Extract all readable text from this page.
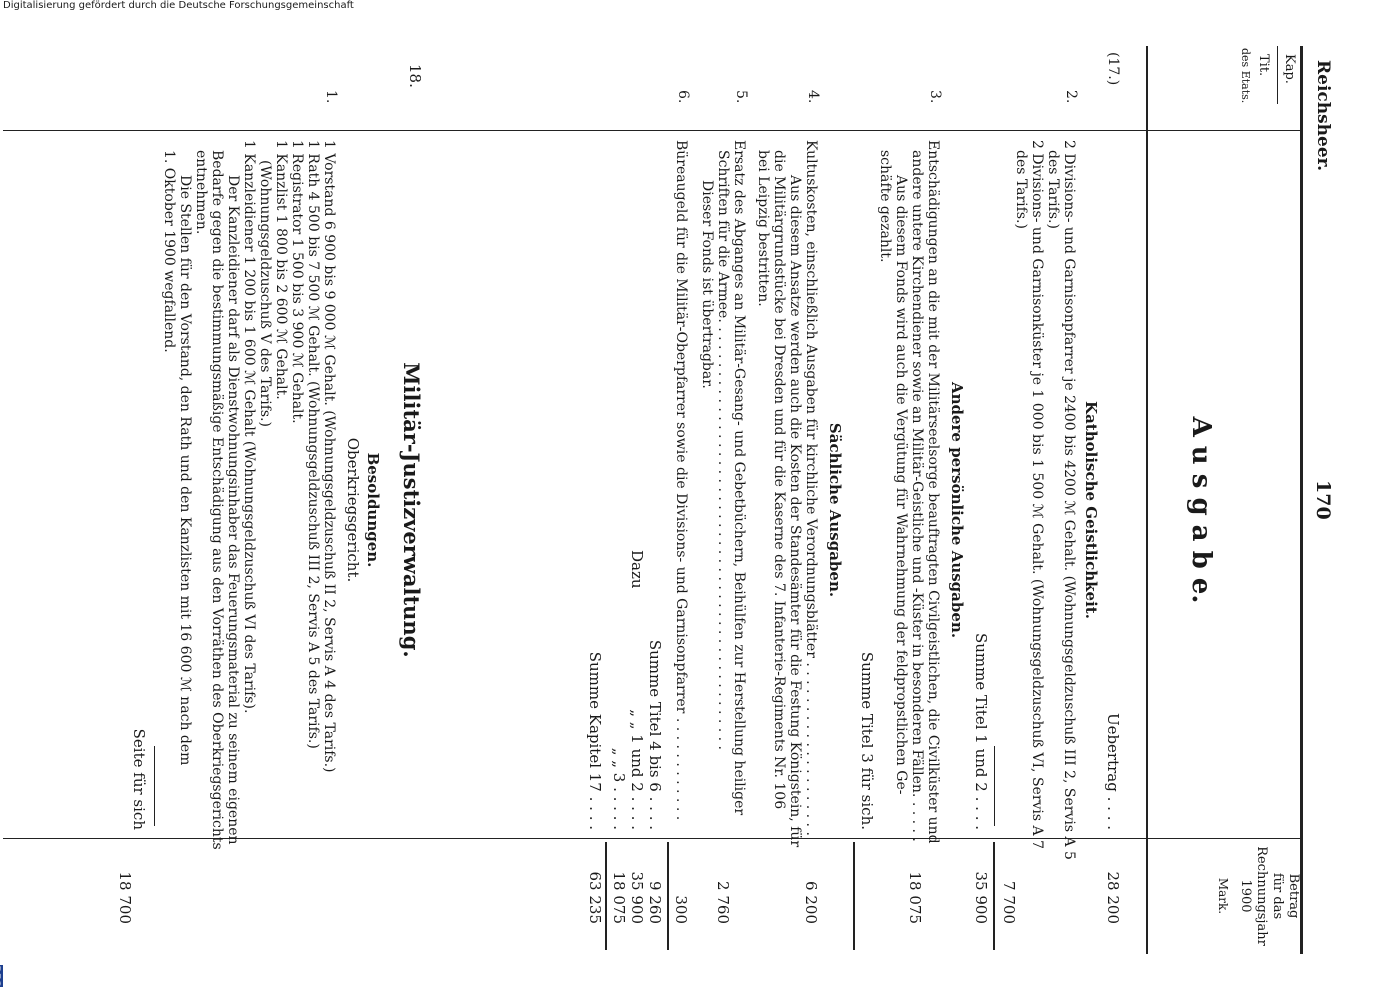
Reichsheer.
170
Kap.
Tit.
des Etats.
A u s g a b e.
Betrag
für das
Rechnungsjahr
1900
Mark.
(17.)
Uebertrag . . . .
28 200
Katholische Geistlichkeit.
2.
2 Divisions- und Garnisonpfarrer je 2400 bis 4200 ℳ Gehalt. (Wohnungsgeldzuschuß III 2, Servis A 5
des Tarifs.)
2 Divisions- und Garnisonküster je 1 000 bis 1 500 ℳ Gehalt. (Wohnungsgeldzuschuß VI, Servis A 7
des Tarifs.)
7 700
Summe Titel 1 und 2 . . . .
35 900
Andere persönliche Ausgaben.
3.
Entschädigungen an die mit der Militärseelsorge beauftragten Civilgeistlichen, die Civilküster und
andere untere Kirchendiener sowie an Militär-Geistliche und -Küster in besonderen Fällen. . . . . .
Aus diesem Fonds wird auch die Vergütung für Wahrnehmung der feldpropstlichen Ge-
schäfte gezahlt.
18 075
Summe Titel 3 für sich.
Sächliche Ausgaben.
4.
Kultuskosten, einschließlich Ausgaben für kirchliche Verordnungsblätter . . . . . . . . . . . . . . . . . . . .
Aus diesem Ansatze werden auch die Kosten der Standesämter für die Festung Königstein, für
die Militärgrundstücke bei Dresden und für die Kaserne des 7. Infanterie-Regiments Nr. 106
bei Leipzig bestritten.
6 200
5.
Ersatz des Abganges an Militär-Gesang- und Gebetbüchern, Beihülfen zur Herstellung heiliger
Schriften für die Armee. . . . . . . . . . . . . . . . . . . . . . . . . . . . . . . . . . . . . . . . . . . . . . . . .
Dieser Fonds ist übertragbar.
2 760
6.
Büreaugeld für die Militär-Oberpfarrer sowie die Divisions- und Garnisonpfarrer . . . . . . . . . . . .
300
Summe Titel 4 bis 6 . . . .
9 260
Dazu
„ „ 1 und 2 . . . .
35 900
„ „ 3 . . . . .
18 075
Summe Kapitel 17 . . . .
63 235
18.
Militär-Justizverwaltung.
Besoldungen.
Oberkriegsgericht.
1.
1 Vorstand 6 900 bis 9 000 ℳ Gehalt. (Wohnungsgeldzuschuß II 2, Servis A 4 des Tarifs.)
1 Rath 4 500 bis 7 500 ℳ Gehalt. (Wohnungsgeldzuschuß III 2, Servis A 5 des Tarifs.)
1 Registrator 1 500 bis 3 900 ℳ Gehalt.
1 Kanzlist 1 800 bis 2 600 ℳ Gehalt.
(Wohnungsgeldzuschuß V des Tarifs.)
1 Kanzleidiener 1 200 bis 1 600 ℳ Gehalt (Wohnungsgeldzuschuß VI des Tarifs).
Der Kanzleidiener darf als Dienstwohnungsinhaber das Feuerungsmaterial zu seinem eigenen
Bedarfe gegen die bestimmungsmäßige Entschädigung aus den Vorräthen des Oberkriegsgerichts
entnehmen.
Die Stellen für den Vorstand, den Rath und den Kanzlisten mit 16 600 ℳ nach dem
1. Oktober 1900 wegfallend.
Seite für sich
18 700
Digitalisierung gefördert durch die Deutsche Forschungsgemeinschaft
